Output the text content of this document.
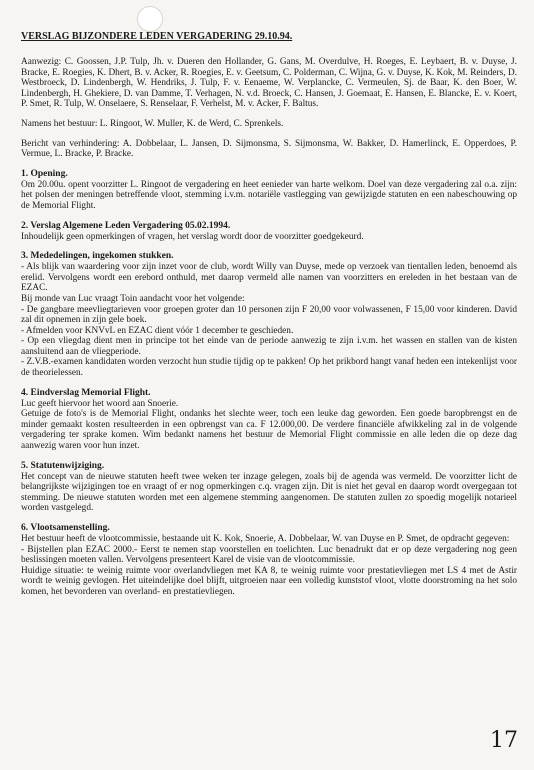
VERSLAG BIJZONDERE LEDEN VERGADERING 29.10.94.

Aanwezig: C. Goossen, J.P. Tulp, Jh. v. Dueren den Hollander, G. Gans, M. Overdulve, H. Roeges, E. Leybaert, B. v. Duyse, J. Bracke, E. Roegies, K. Dhert, B. v. Acker, R. Roegies, E. v. Geetsum, C. Polderman, C. Wijna, G. v. Duyse, K. Kok, M. Reinders, D. Westbroeck, D. Lindenbergh, W. Hendriks, J. Tulp, F. v. Eenaeme, W. Verplancke, C. Vermeulen, Sj. de Baar, K. den Boer, W. Lindenbergh, H. Ghekiere, D. van Damme, T. Verhagen, N. v.d. Broeck, C. Hansen, J. Goemaat, E. Hansen, E. Blancke, E. v. Koert, P. Smet, R. Tulp, W. Onselaere, S. Renselaar, F. Verhelst, M. v. Acker, F. Baltus.

Namens het bestuur: L. Ringoot, W. Muller, K. de Werd, C. Sprenkels.

Bericht van verhindering: A. Dobbelaar, L. Jansen, D. Sijmonsma, S. Sijmonsma, W. Bakker, D. Hamerlinck, E. Opperdoes, P. Vermue, L. Bracke, P. Bracke.

1. Opening.

Om 20.00u. opent voorzitter L. Ringoot de vergadering en heet eenieder van harte welkom. Doel van deze vergadering zal o.a. zijn: het polsen der meningen betreffende vloot, stemming i.v.m. notariële vastlegging van gewijzigde statuten en een nabeschouwing op de Memorial Flight.

2. Verslag Algemene Leden Vergadering 05.02.1994.

Inhoudelijk geen opmerkingen of vragen, het verslag wordt door de voorzitter goedgekeurd.

3. Mededelingen, ingekomen stukken.

- Als blijk van waardering voor zijn inzet voor de club, wordt Willy van Duyse, mede op verzoek van tientallen leden, benoemd als erelid. Vervolgens wordt een erebord onthuld, met daarop vermeld alle namen van voorzitters en ereleden in het bestaan van de EZAC.

Bij monde van Luc vraagt Toin aandacht voor het volgende:

- De gangbare meevliegtarieven voor groepen groter dan 10 personen zijn F 20,00 voor volwassenen, F 15,00 voor kinderen. David zal dit opnemen in zijn gele boek.

- Afmelden voor KNVvL en EZAC dient vóór 1 december te geschieden.

- Op een vliegdag dient men in principe tot het einde van de periode aanwezig te zijn i.v.m. het wassen en stallen van de kisten aansluitend aan de vliegperiode.

- Z.V.B.-examen kandidaten worden verzocht hun studie tijdig op te pakken! Op het prikbord hangt vanaf heden een intekenlijst voor de theorielessen.

4. Eindverslag Memorial Flight.

Luc geeft hiervoor het woord aan Snoerie.

Getuige de foto's is de Memorial Flight, ondanks het slechte weer, toch een leuke dag geworden. Een goede baropbrengst en de minder gemaakt kosten resulteerden in een opbrengst van ca. F 12.000,00. De verdere financiële afwikkeling zal in de volgende vergadering ter sprake komen. Wim bedankt namens het bestuur de Memorial Flight commissie en alle leden die op deze dag aanwezig waren voor hun inzet.

5. Statutenwijziging.

Het concept van de nieuwe statuten heeft twee weken ter inzage gelegen, zoals bij de agenda was vermeld. De voorzitter licht de belangrijkste wijzigingen toe en vraagt of er nog opmerkingen c.q. vragen zijn. Dit is niet het geval en daarop wordt overgegaan tot stemming. De nieuwe statuten worden met een algemene stemming aangenomen. De statuten zullen zo spoedig mogelijk notarieel worden vastgelegd.

6. Vlootsamenstelling.

Het bestuur heeft de vlootcommissie, bestaande uit K. Kok, Snoerie, A. Dobbelaar, W. van Duyse en P. Smet, de opdracht gegeven:

- Bijstellen plan EZAC 2000.- Eerst te nemen stap voorstellen en toelichten. Luc benadrukt dat er op deze vergadering nog geen beslissingen moeten vallen. Vervolgens presenteert Karel de visie van de vlootcommissie.

Huidige situatie: te weinig ruimte voor overlandvliegen met KA 8, te weinig ruimte voor prestatievliegen met LS 4 met de Astir wordt te weinig gevlogen. Het uiteindelijke doel blijft, uitgroeien naar een volledig kunststof vloot, vlotte doorstroming na het solo komen, het bevorderen van overland- en prestatievliegen.

17
